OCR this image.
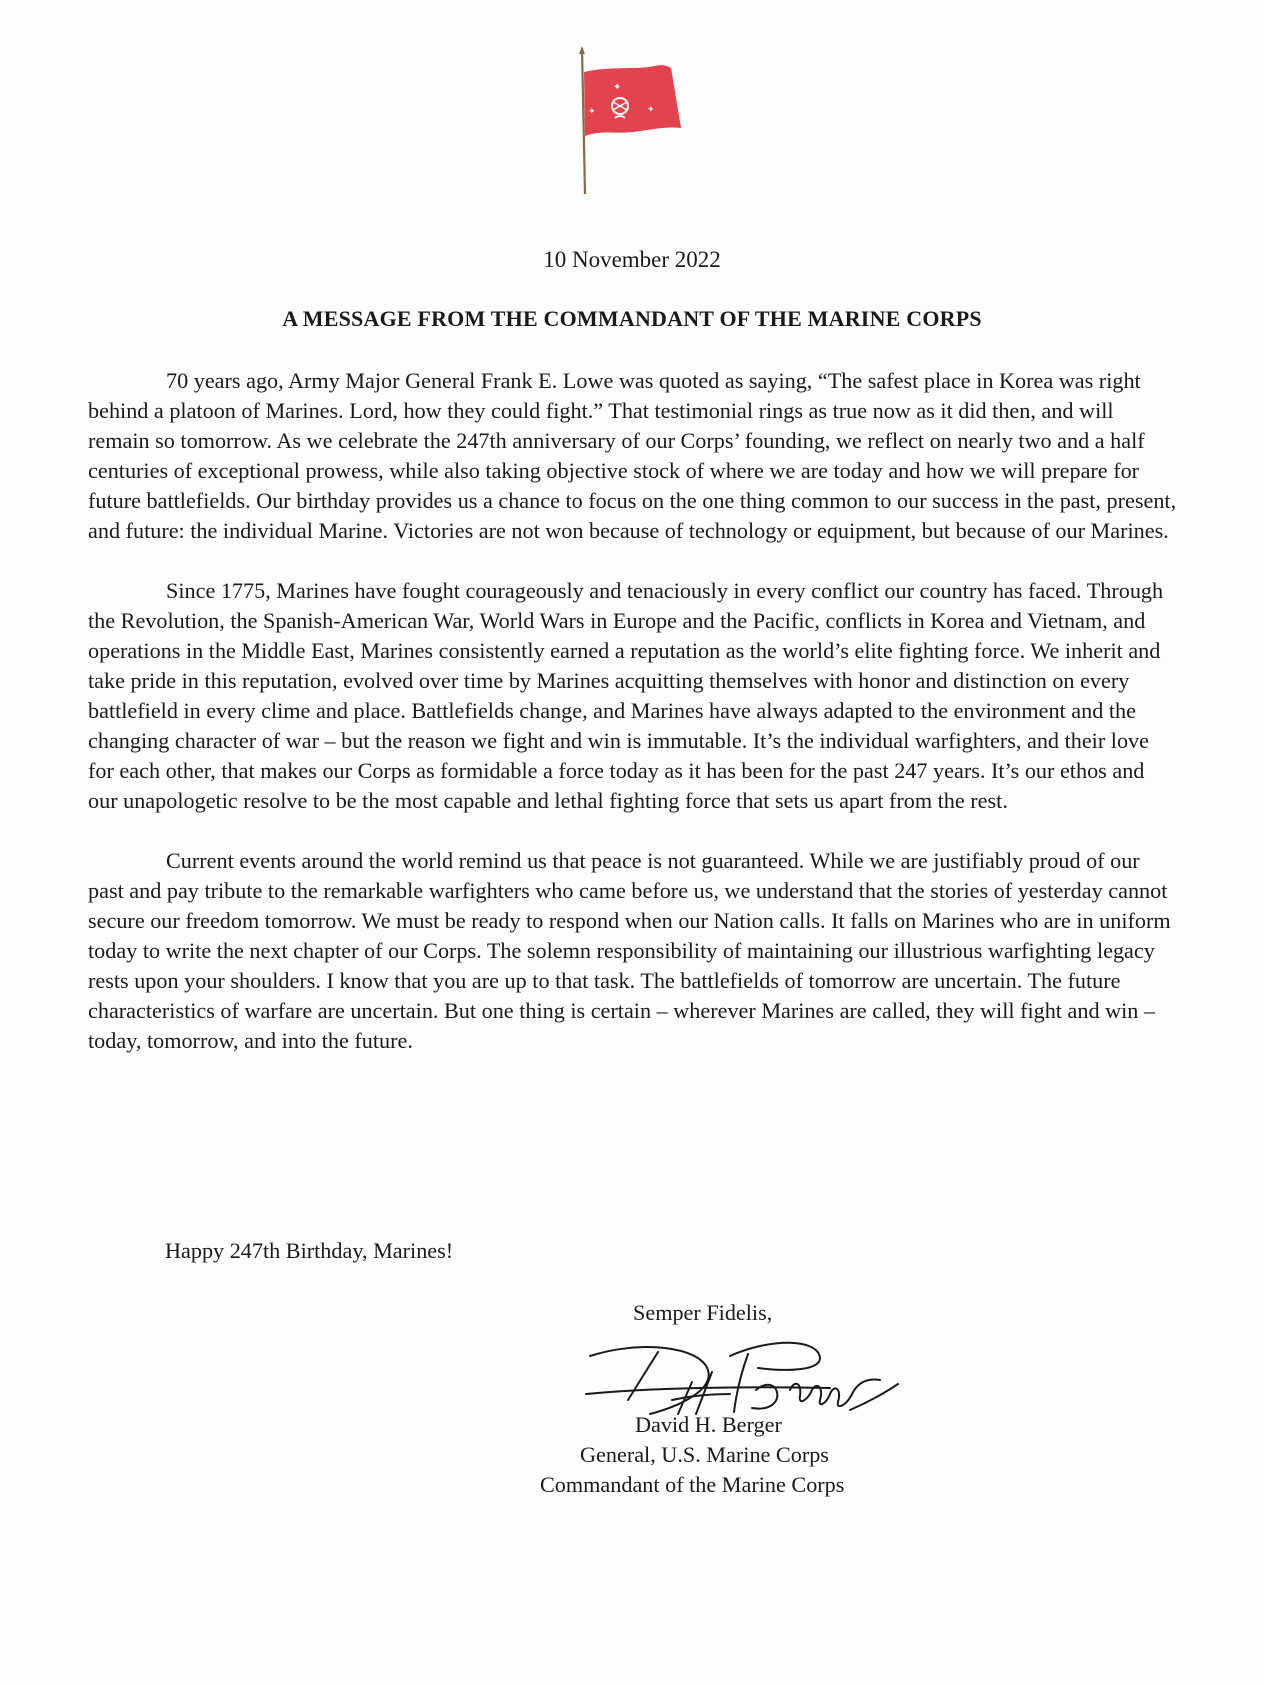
✦
✦	✦
✦
10 November 2022
A MESSAGE FROM THE COMMANDANT OF THE MARINE CORPS

70 years ago, Army Major General Frank E. Lowe was quoted as saying, “The safest place in Korea was right behind a platoon of Marines. Lord, how they could fight.” That testimonial rings as true now as it did then, and will remain so tomorrow. As we celebrate the 247th anniversary of our Corps’ founding, we reflect on nearly two and a half centuries of exceptional prowess, while also taking objective stock of where we are today and how we will prepare for future battlefields. Our birthday provides us a chance to focus on the one thing common to our success in the past, present, and future: the individual Marine. Victories are not won because of technology or equipment, but because of our Marines.

Since 1775, Marines have fought courageously and tenaciously in every conflict our country has faced. Through the Revolution, the Spanish-American War, World Wars in Europe and the Pacific, conflicts in Korea and Vietnam, and operations in the Middle East, Marines consistently earned a reputation as the world’s elite fighting force. We inherit and take pride in this reputation, evolved over time by Marines acquitting themselves with honor and distinction on every battlefield in every clime and place. Battlefields change, and Marines have always adapted to the environment and the changing character of war – but the reason we fight and win is immutable. It’s the individual warfighters, and their love for each other, that makes our Corps as formidable a force today as it has been for the past 247 years. It’s our ethos and our unapologetic resolve to be the most capable and lethal fighting force that sets us apart from the rest.

Current events around the world remind us that peace is not guaranteed. While we are justifiably proud of our past and pay tribute to the remarkable warfighters who came before us, we understand that the stories of yesterday cannot secure our freedom tomorrow. We must be ready to respond when our Nation calls. It falls on Marines who are in uniform today to write the next chapter of our Corps. The solemn responsibility of maintaining our illustrious warfighting legacy rests upon your shoulders. I know that you are up to that task. The battlefields of tomorrow are uncertain. The future characteristics of warfare are uncertain. But one thing is certain – wherever Marines are called, they will fight and win – today, tomorrow, and into the future.

Happy 247th Birthday, Marines!
Semper Fidelis,
David H. Berger
General, U.S. Marine Corps
Commandant of the Marine Corps
